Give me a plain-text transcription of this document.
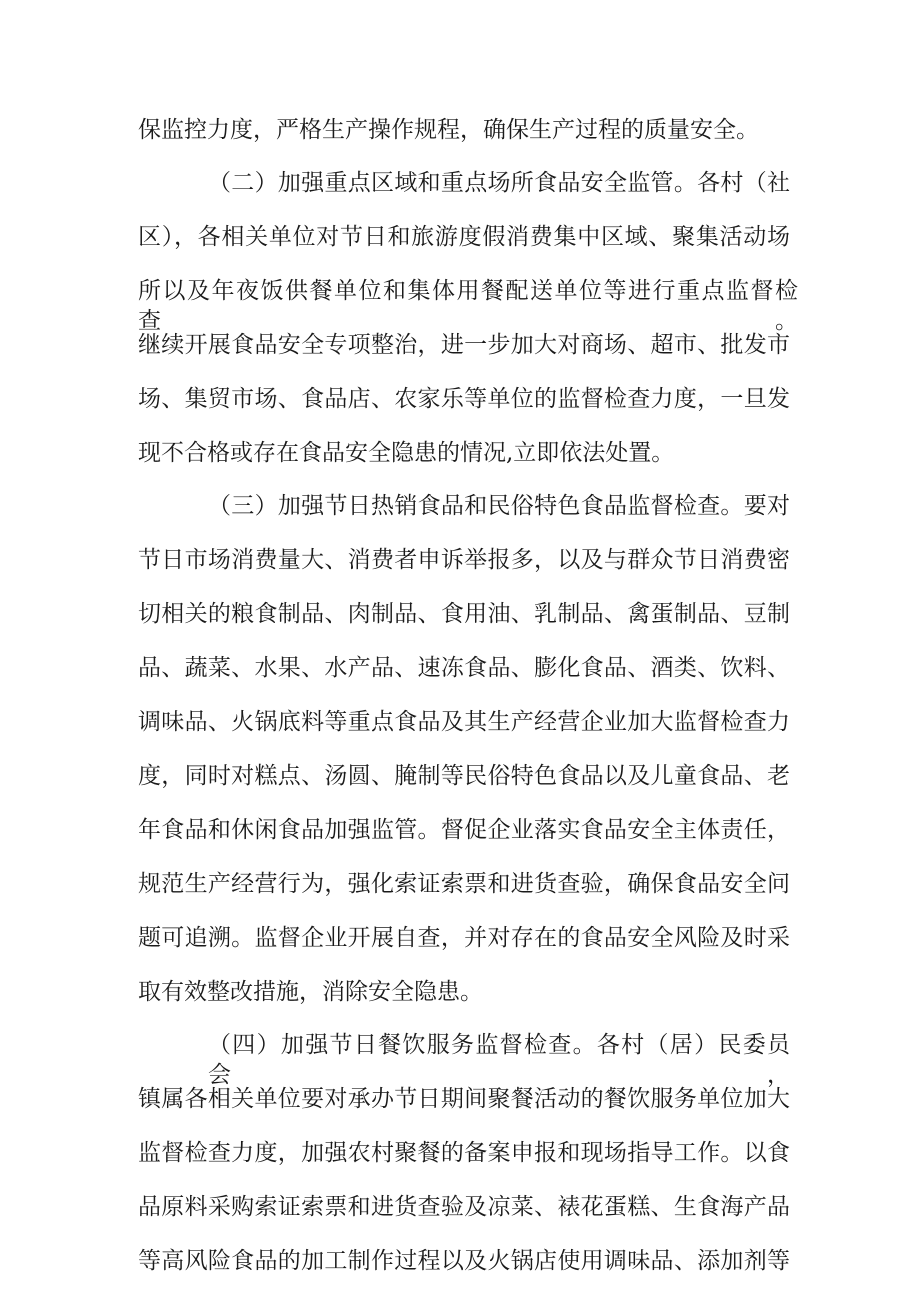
保监控力度，严格生产操作规程，确保生产过程的质量安全。
（二）加强重点区域和重点场所食品安全监管。各村（社
区），各相关单位对节日和旅游度假消费集中区域、聚集活动场
所以及年夜饭供餐单位和集体用餐配送单位等进行重点监督检查。
继续开展食品安全专项整治，进一步加大对商场、超市、批发市
场、集贸市场、食品店、农家乐等单位的监督检查力度，一旦发
现不合格或存在食品安全隐患的情况,立即依法处置。
（三）加强节日热销食品和民俗特色食品监督检查。要对
节日市场消费量大、消费者申诉举报多，以及与群众节日消费密
切相关的粮食制品、肉制品、食用油、乳制品、禽蛋制品、豆制
品、蔬菜、水果、水产品、速冻食品、膨化食品、酒类、饮料、
调味品、火锅底料等重点食品及其生产经营企业加大监督检查力
度，同时对糕点、汤圆、腌制等民俗特色食品以及儿童食品、老
年食品和休闲食品加强监管。督促企业落实食品安全主体责任，
规范生产经营行为，强化索证索票和进货查验，确保食品安全问
题可追溯。监督企业开展自查，并对存在的食品安全风险及时采
取有效整改措施，消除安全隐患。
（四）加强节日餐饮服务监督检查。各村（居）民委员会，
镇属各相关单位要对承办节日期间聚餐活动的餐饮服务单位加大
监督检查力度，加强农村聚餐的备案申报和现场指导工作。以食
品原料采购索证索票和进货查验及凉菜、裱花蛋糕、生食海产品
等高风险食品的加工制作过程以及火锅店使用调味品、添加剂等
